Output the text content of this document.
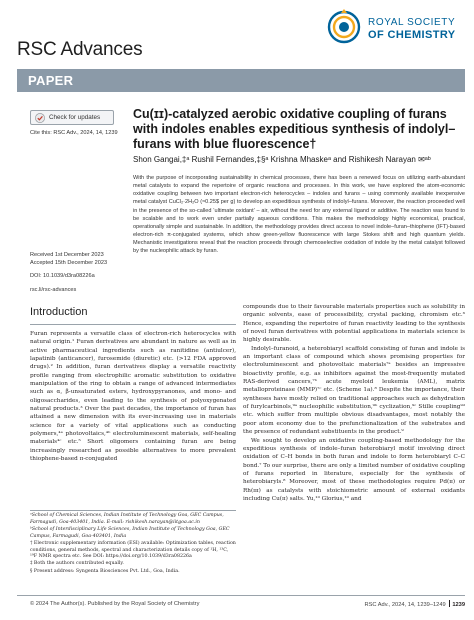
RSC Advances
ROYAL SOCIETY
OF CHEMISTRY
PAPER
Check for updates
Cite this: RSC Adv., 2024, 14, 1239
Received 1st December 2023
Accepted 15th December 2023
DOI: 10.1039/d3ra08226a
rsc.li/rsc-advances
Cu(ɪɪ)-catalyzed aerobic oxidative coupling of furans with indoles enables expeditious synthesis of indolyl–furans with blue fluorescence†
Shon Gangai,‡ᵃ Rushil Fernandes,‡§ᵃ Krishna Mhaskeᵃ and Rishikesh Narayan ✉ᵃᵇ
With the purpose of incorporating sustainability in chemical processes, there has been a renewed focus on utilizing earth-abundant metal catalysts to expand the repertoire of organic reactions and processes. In this work, we have explored the atom-economic oxidative coupling between two important electron-rich heterocycles – indoles and furans – using commonly available inexpensive metal catalyst CuCl₂·2H₂O (≈0.25$ per g) to develop an expeditious synthesis of indolyl–furans. Moreover, the reaction proceeded well in the presence of the so-called ‘ultimate oxidant’ – air, without the need for any external ligand or additive. The reaction was found to be scalable and to work even under partially aqueous conditions. This makes the methodology highly economical, practical, operationally simple and sustainable. In addition, the methodology provides direct access to novel indole–furan–thiophene (IFT)-based electron-rich π-conjugated systems, which show green-yellow fluorescence with large Stokes shift and high quantum yields. Mechanistic investigations reveal that the reaction proceeds through chemoselective oxidation of indole by the metal catalyst followed by the nucleophilic attack by furan.
Introduction

Furan represents a versatile class of electron-rich heterocycles with natural origin.¹ Furan derivatives are abundant in nature as well as in active pharmaceutical ingredients such as ranitidine (antiulcer), lapatinib (anticancer), furosemide (diuretic) etc. (>12 FDA approved drugs).² In addition, furan derivatives display a versatile reactivity profile ranging from electrophilic aromatic substitution to oxidative manipulation of the ring to obtain a range of advanced intermediates such as α, β-unsaturated esters, hydroxypyranones, and mono- and oligosaccharides, even leading to the synthesis of polyoxygenated natural products.³ Over the past decades, the importance of furan has attained a new dimension with its ever-increasing use in materials science for a variety of vital applications such as conducting polymers,⁴ᵃ photovoltaics,⁴ᵇ electroluminescent materials, self-healing materials⁴ᶜ etc.⁵ Short oligomers containing furan are being increasingly researched as possible alternatives to more prevalent thiophene-based π-conjugated

compounds due to their favourable materials properties such as solubility in organic solvents, ease of processibility, crystal packing, chromism etc.⁶ Hence, expanding the repertoire of furan reactivity leading to the synthesis of novel furan derivatives with potential applications in materials science is highly desirable.

Indolyl–furanoid, a heterobiaryl scaffold consisting of furan and indole is an important class of compound which shows promising properties for electroluminescent and photovoltaic materials⁷ᵃ besides an impressive bioactivity profile, e.g. as inhibitors against the most-frequently mutated RAS-derived cancers,⁷ᵇ acute myeloid leukemia (AML), matrix metalloproteinase (MMP)⁷ᶜ etc. (Scheme 1a).⁸ Despite the importance, their syntheses have mostly relied on traditional approaches such as dehydration of furylcarbinols,⁹ᵃ nucleophilic substitution,⁹ᵇ cyclization,⁹ᶜ Stille coupling⁹ᵈ etc. which suffer from multiple obvious disadvantages, most notably the poor atom economy due to the prefunctionalization of the substrates and the presence of redundant substituents in the product.⁹

We sought to develop an oxidative coupling-based methodology for the expeditious synthesis of indole–furan heterobiaryl motif involving direct oxidation of C–H bonds in both furan and indole to form heterobiaryl C–C bond.⁷ To our surprise, there are only a limited number of oxidative coupling of furans reported in literature, especially for the synthesis of heterobiaryls.⁸ Moreover, most of these methodologies require Pd(ɪɪ) or Rh(ɪɪɪ) as catalysts with stoichiometric amount of external oxidants including Cu(ɪɪ) salts. Yu,¹⁰ Glorius,¹⁰ and

ᵃSchool of Chemical Sciences, Indian Institute of Technology Goa, GEC Campus, Farmagudi, Goa-403401, India. E-mail: rishikesh.narayan@iitgoa.ac.in
ᵇSchool of Interdisciplinary Life Sciences, Indian Institute of Technology Goa, GEC Campus, Farmagudi, Goa-403401, India
† Electronic supplementary information (ESI) available: Optimization tables, reaction conditions, general methods, spectral and characterization details copy of ¹H, ¹³C, ¹⁹F NMR spectra etc. See DOI: https://doi.org/10.1039/d3ra08226a
‡ Both the authors contributed equally.
§ Present address: Syngenta Biosciences Pvt. Ltd., Goa, India.
© 2024 The Author(s). Published by the Royal Society of Chemistry	RSC Adv., 2024, 14, 1239–1249 1239
